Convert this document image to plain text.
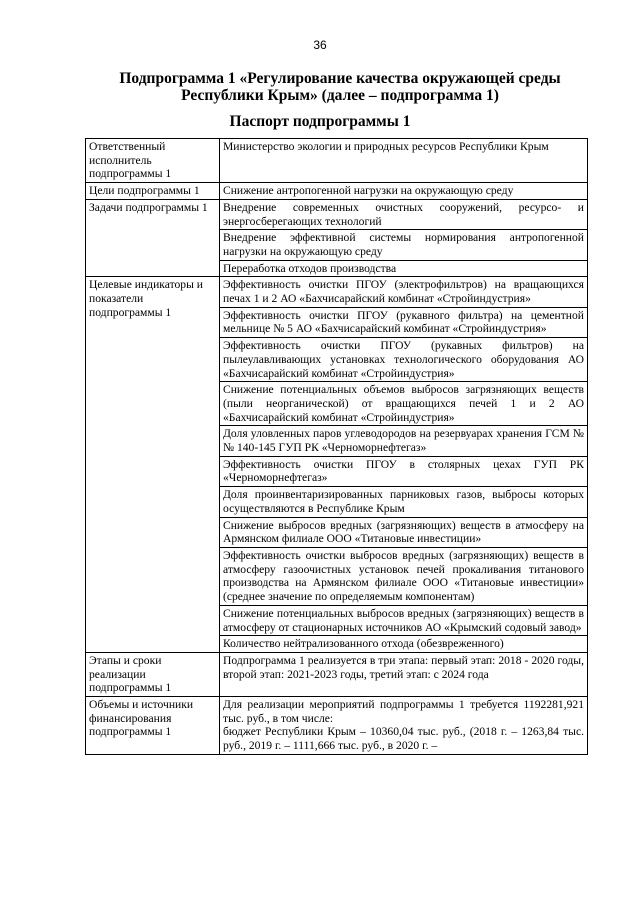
36
Подпрограмма 1 «Регулирование качества окружающей среды
Республики Крым» (далее – подпрограмма 1)
Паспорт подпрограммы 1
Ответственный исполнитель подпрограммы 1	Министерство экологии и природных ресурсов Республики Крым
Цели подпрограммы 1	Снижение антропогенной нагрузки на окружающую среду
Задачи подпрограммы 1	Внедрение современных очистных сооружений, ресурсо- и энергосберегающих технологий
	Внедрение эффективной системы нормирования антропогенной нагрузки на окружающую среду
	Переработка отходов производства
Целевые индикаторы и показатели подпрограммы 1	Эффективность очистки ПГОУ (электрофильтров) на вращающихся печах 1 и 2 АО «Бахчисарайский комбинат «Стройиндустрия»
	Эффективность очистки ПГОУ (рукавного фильтра) на цементной мельнице № 5 АО «Бахчисарайский комбинат «Стройиндустрия»
	Эффективность очистки ПГОУ (рукавных фильтров) на пылеулавливающих установках технологического оборудования АО «Бахчисарайский комбинат «Стройиндустрия»
	Снижение потенциальных объемов выбросов загрязняющих веществ (пыли неорганической) от вращающихся печей 1 и 2 АО «Бахчисарайский комбинат «Стройиндустрия»
	Доля уловленных паров углеводородов на резервуарах хранения ГСМ №№ 140-145 ГУП РК «Черноморнефтегаз»
	Эффективность очистки ПГОУ в столярных цехах ГУП РК «Черноморнефтегаз»
	Доля проинвентаризированных парниковых газов, выбросы которых осуществляются в Республике Крым
	Снижение выбросов вредных (загрязняющих) веществ в атмосферу на Армянском филиале ООО «Титановые инвестиции»
	Эффективность очистки выбросов вредных (загрязняющих) веществ в атмосферу газоочистных установок печей прокаливания титанового производства на Армянском филиале ООО «Титановые инвестиции» (среднее значение по определяемым компонентам)
	Снижение потенциальных выбросов вредных (загрязняющих) веществ в атмосферу от стационарных источников АО «Крымский содовый завод»
	Количество нейтрализованного отхода (обезвреженного)
Этапы и сроки реализации подпрограммы 1	Подпрограмма 1 реализуется в три этапа: первый этап: 2018 - 2020 годы, второй этап: 2021-2023 годы, третий этап: с 2024 года
Объемы и источники финансирования подпрограммы 1	Для реализации мероприятий подпрограммы 1 требуется 1192281,921 тыс. руб., в том числе:
бюджет Республики Крым – 10360,04 тыс. руб., (2018 г. – 1263,84 тыс. руб., 2019 г. – 1111,666 тыс. руб., в 2020 г. –
